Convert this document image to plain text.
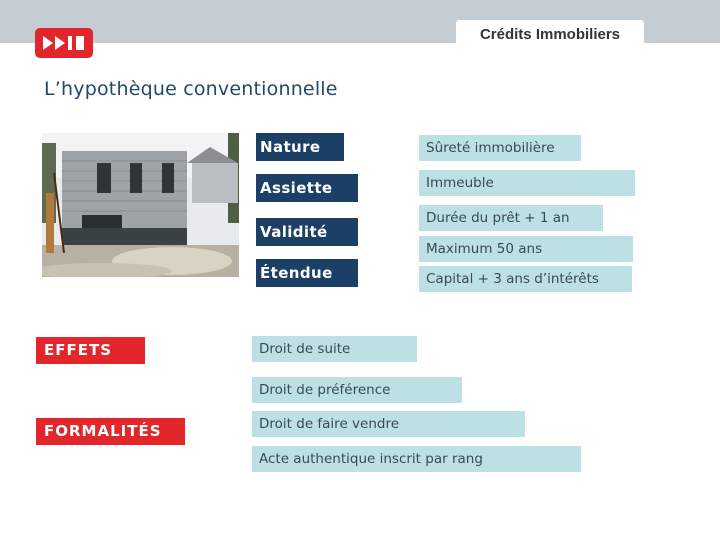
Crédits Immobiliers
L’hypothèque conventionnelle
Nature
Assiette
Validité
Étendue
Sûreté immobilière
Immeuble
Durée du prêt + 1 an
Maximum 50 ans
Capital + 3 ans d’intérêts
EFFETS	Droit de suite
Droit de préférence
Droit de faire vendre
FORMALITÉS
Acte authentique inscrit par rang
